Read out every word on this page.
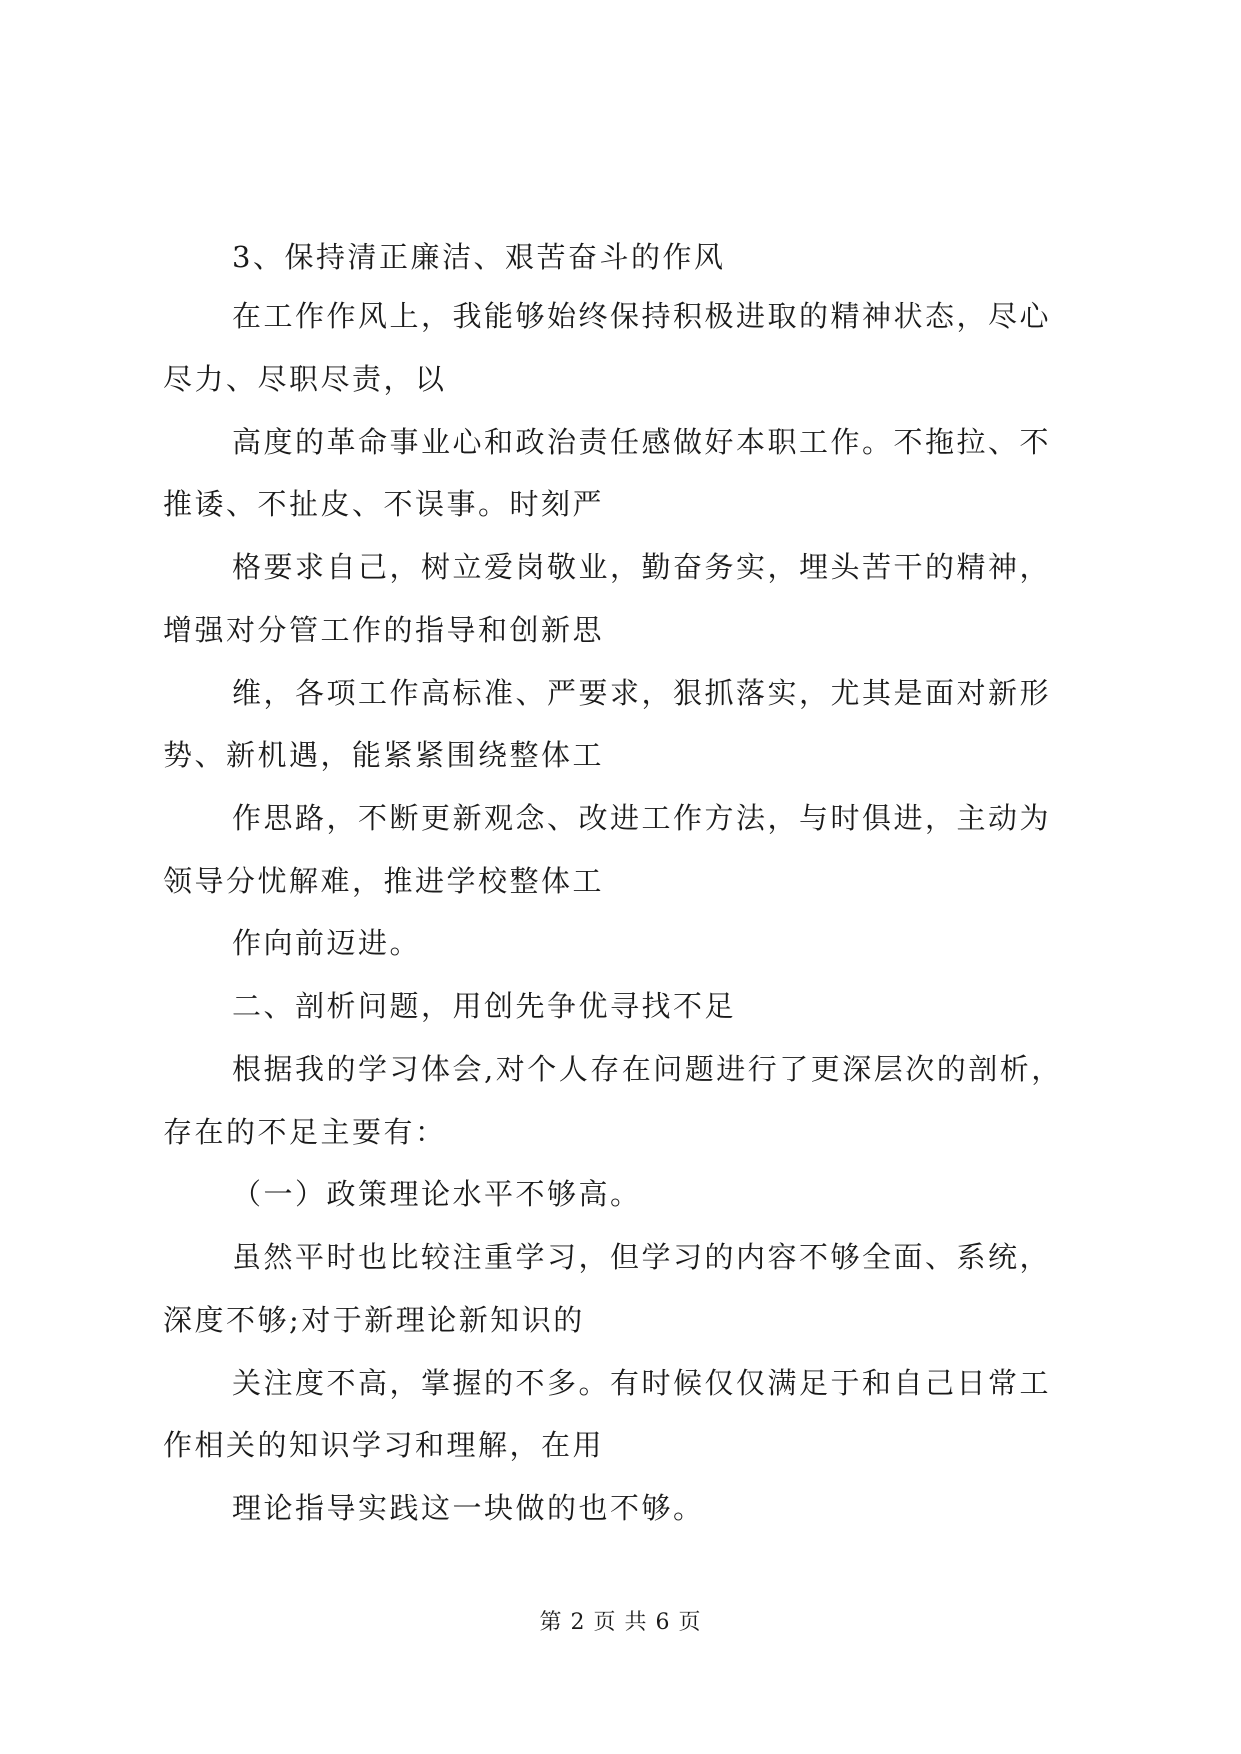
3、保持清正廉洁、艰苦奋斗的作风
在工作作风上，我能够始终保持积极进取的精神状态，尽心
尽力、尽职尽责，以
高度的革命事业心和政治责任感做好本职工作。不拖拉、不
推诿、不扯皮、不误事。时刻严
格要求自己，树立爱岗敬业，勤奋务实，埋头苦干的精神，
增强对分管工作的指导和创新思
维，各项工作高标准、严要求，狠抓落实，尤其是面对新形
势、新机遇，能紧紧围绕整体工
作思路，不断更新观念、改进工作方法，与时俱进，主动为
领导分忧解难，推进学校整体工
作向前迈进。
二、剖析问题，用创先争优寻找不足
根据我的学习体会,对个人存在问题进行了更深层次的剖析，
存在的不足主要有：
（一）政策理论水平不够高。
虽然平时也比较注重学习，但学习的内容不够全面、系统，
深度不够;对于新理论新知识的
关注度不高，掌握的不多。有时候仅仅满足于和自己日常工
作相关的知识学习和理解，在用
理论指导实践这一块做的也不够。
第 2 页 共 6 页
